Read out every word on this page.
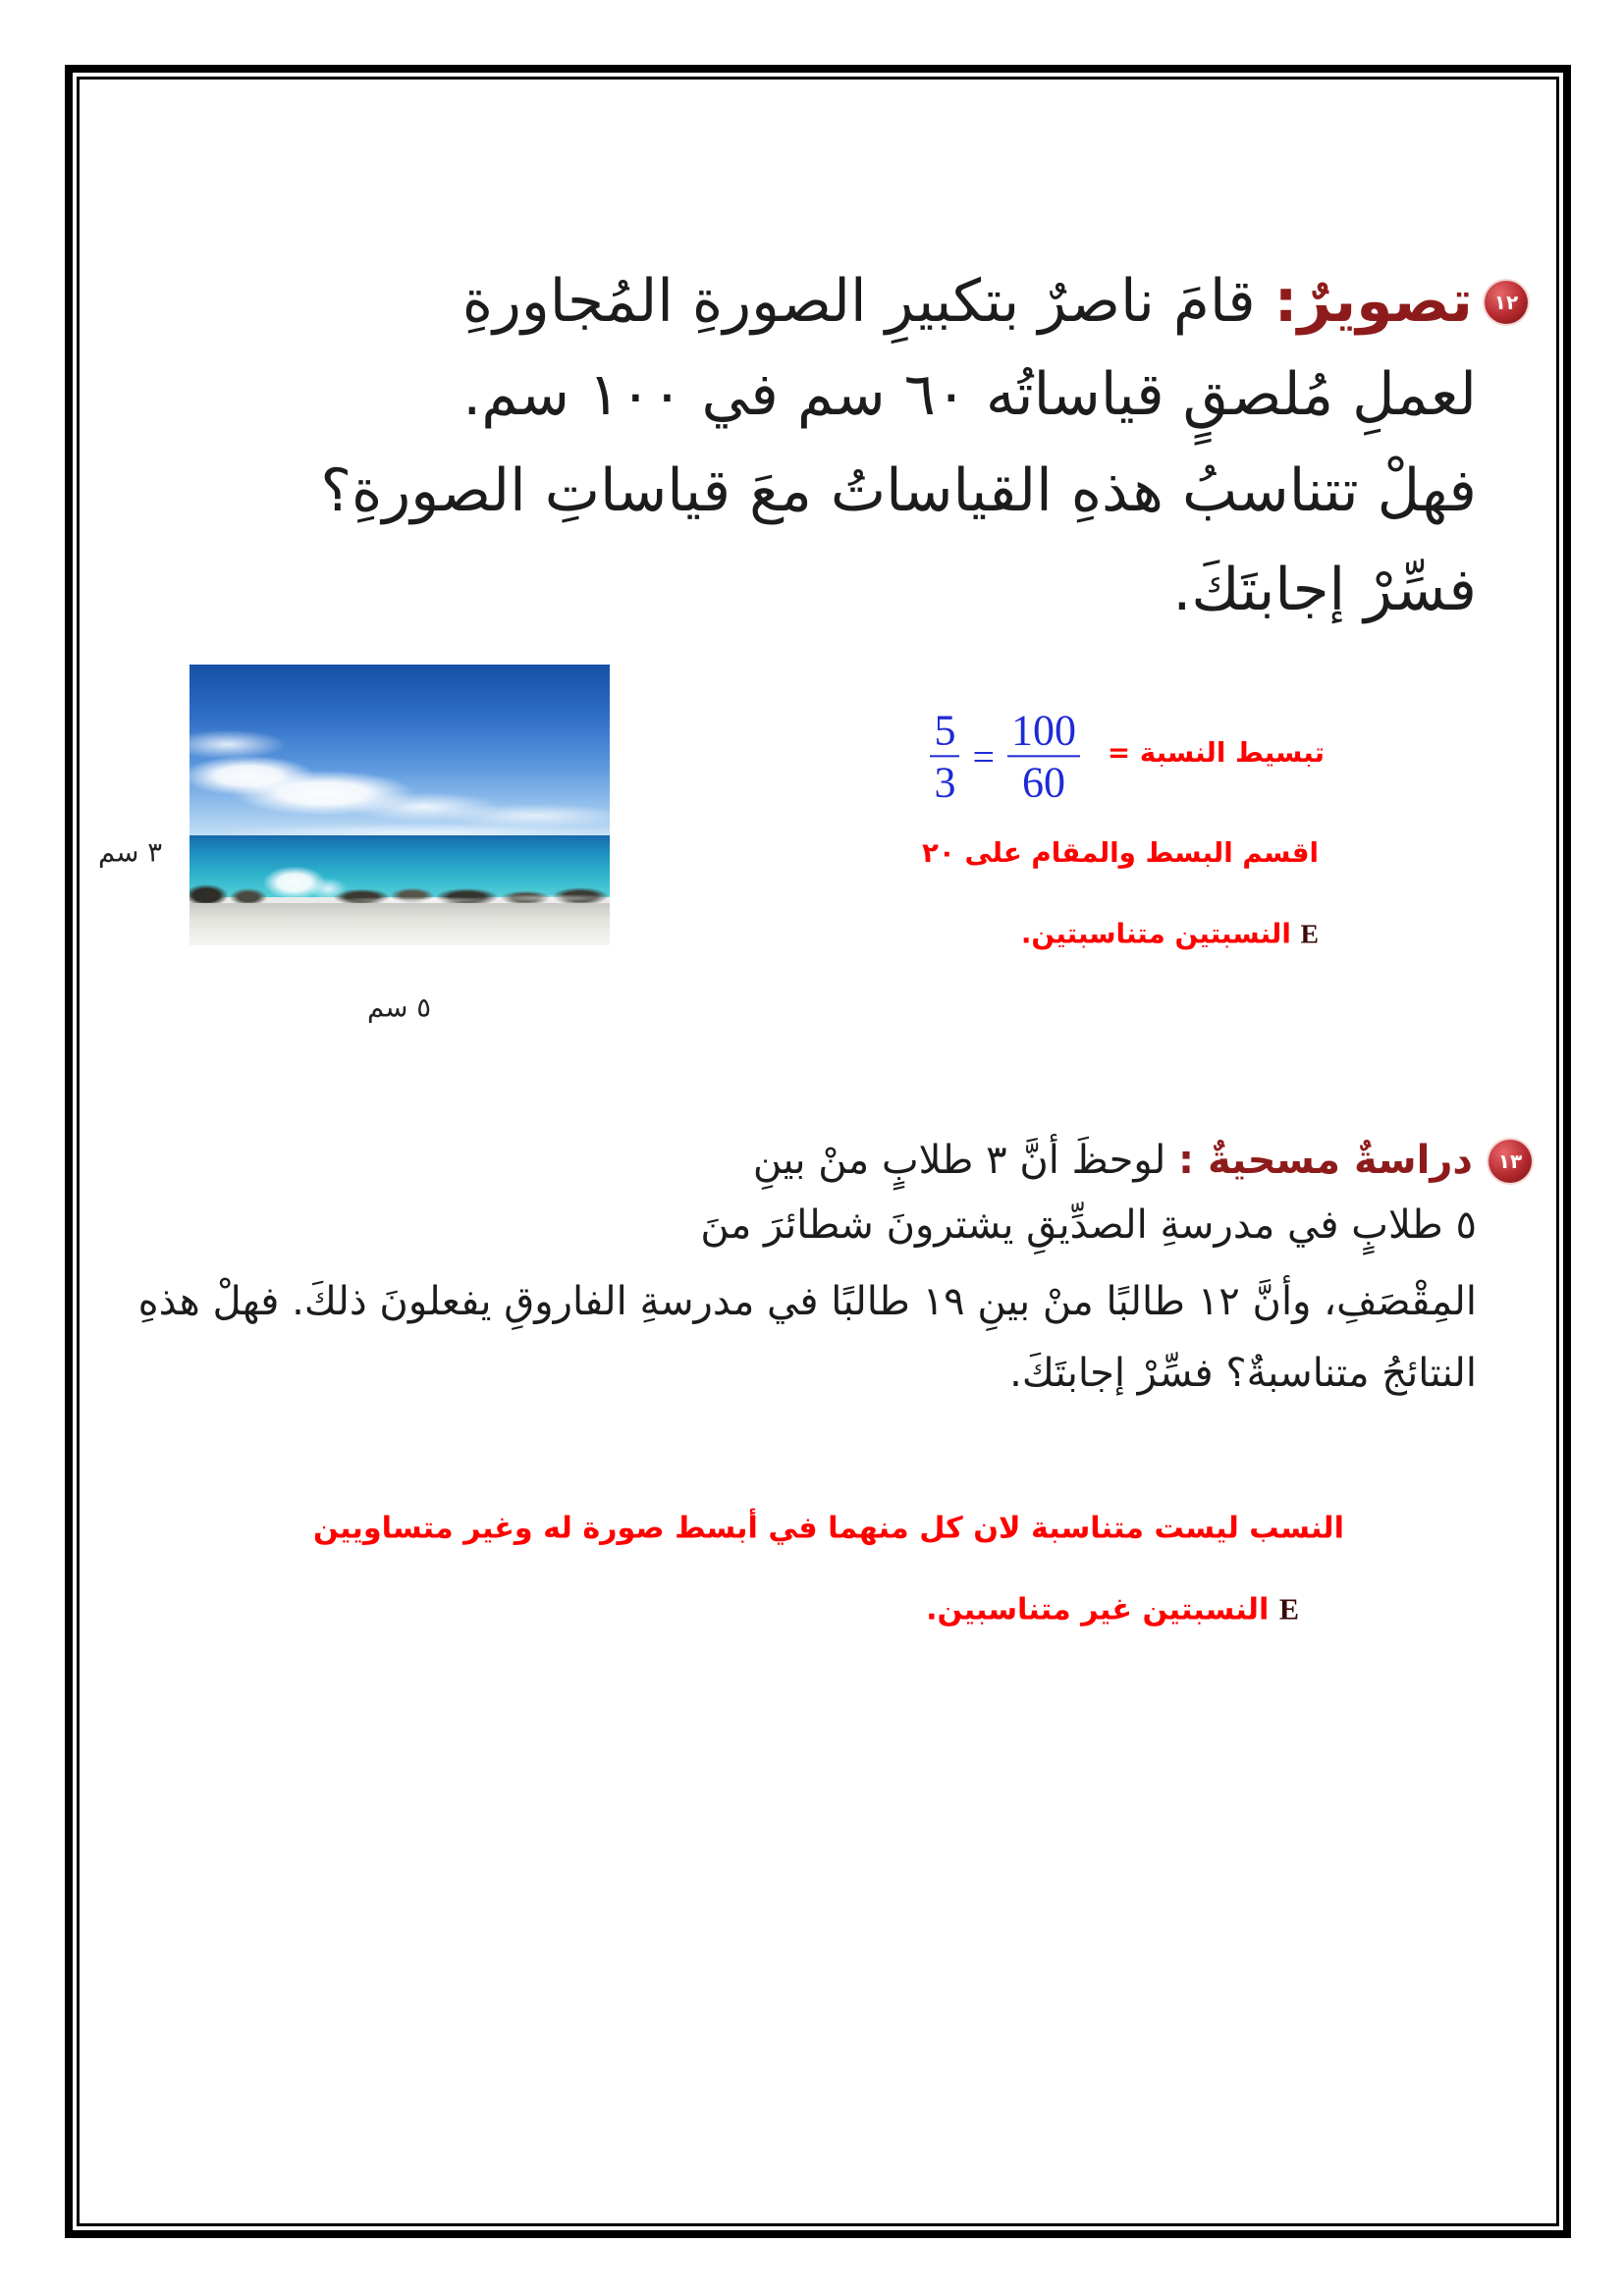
١٢
تصويرٌ: قامَ ناصرٌ بتكبيرِ الصورةِ المُجاورةِ
لعملِ مُلصقٍ قياساتُه ٦٠ سم في ١٠٠ سم.
فهلْ تتناسبُ هذهِ القياساتُ معَ قياساتِ الصورةِ؟
فسِّرْ إجابتَكَ.
٣ سم
٥ سم
تبسيط النسبة =
$\frac{5}{3} = \frac{100}{60}$
اقسم البسط والمقام على ٢٠
E النسبتين متناسبتين.
١٣
دراسةٌ مسحيةٌ : لوحظَ أنَّ ٣ طلابٍ منْ بينِ
٥ طلابٍ في مدرسةِ الصدِّيقِ يشترونَ شطائرَ منَ
المِقْصَفِ، وأنَّ ١٢ طالبًا منْ بينِ ١٩ طالبًا في مدرسةِ الفاروقِ يفعلونَ ذلكَ. فهلْ هذهِ
النتائجُ متناسبةٌ؟ فسِّرْ إجابتَكَ.
النسب ليست متناسبة لان كل منهما في أبسط صورة له وغير متساويين
E النسبتين غير متناسبين.
